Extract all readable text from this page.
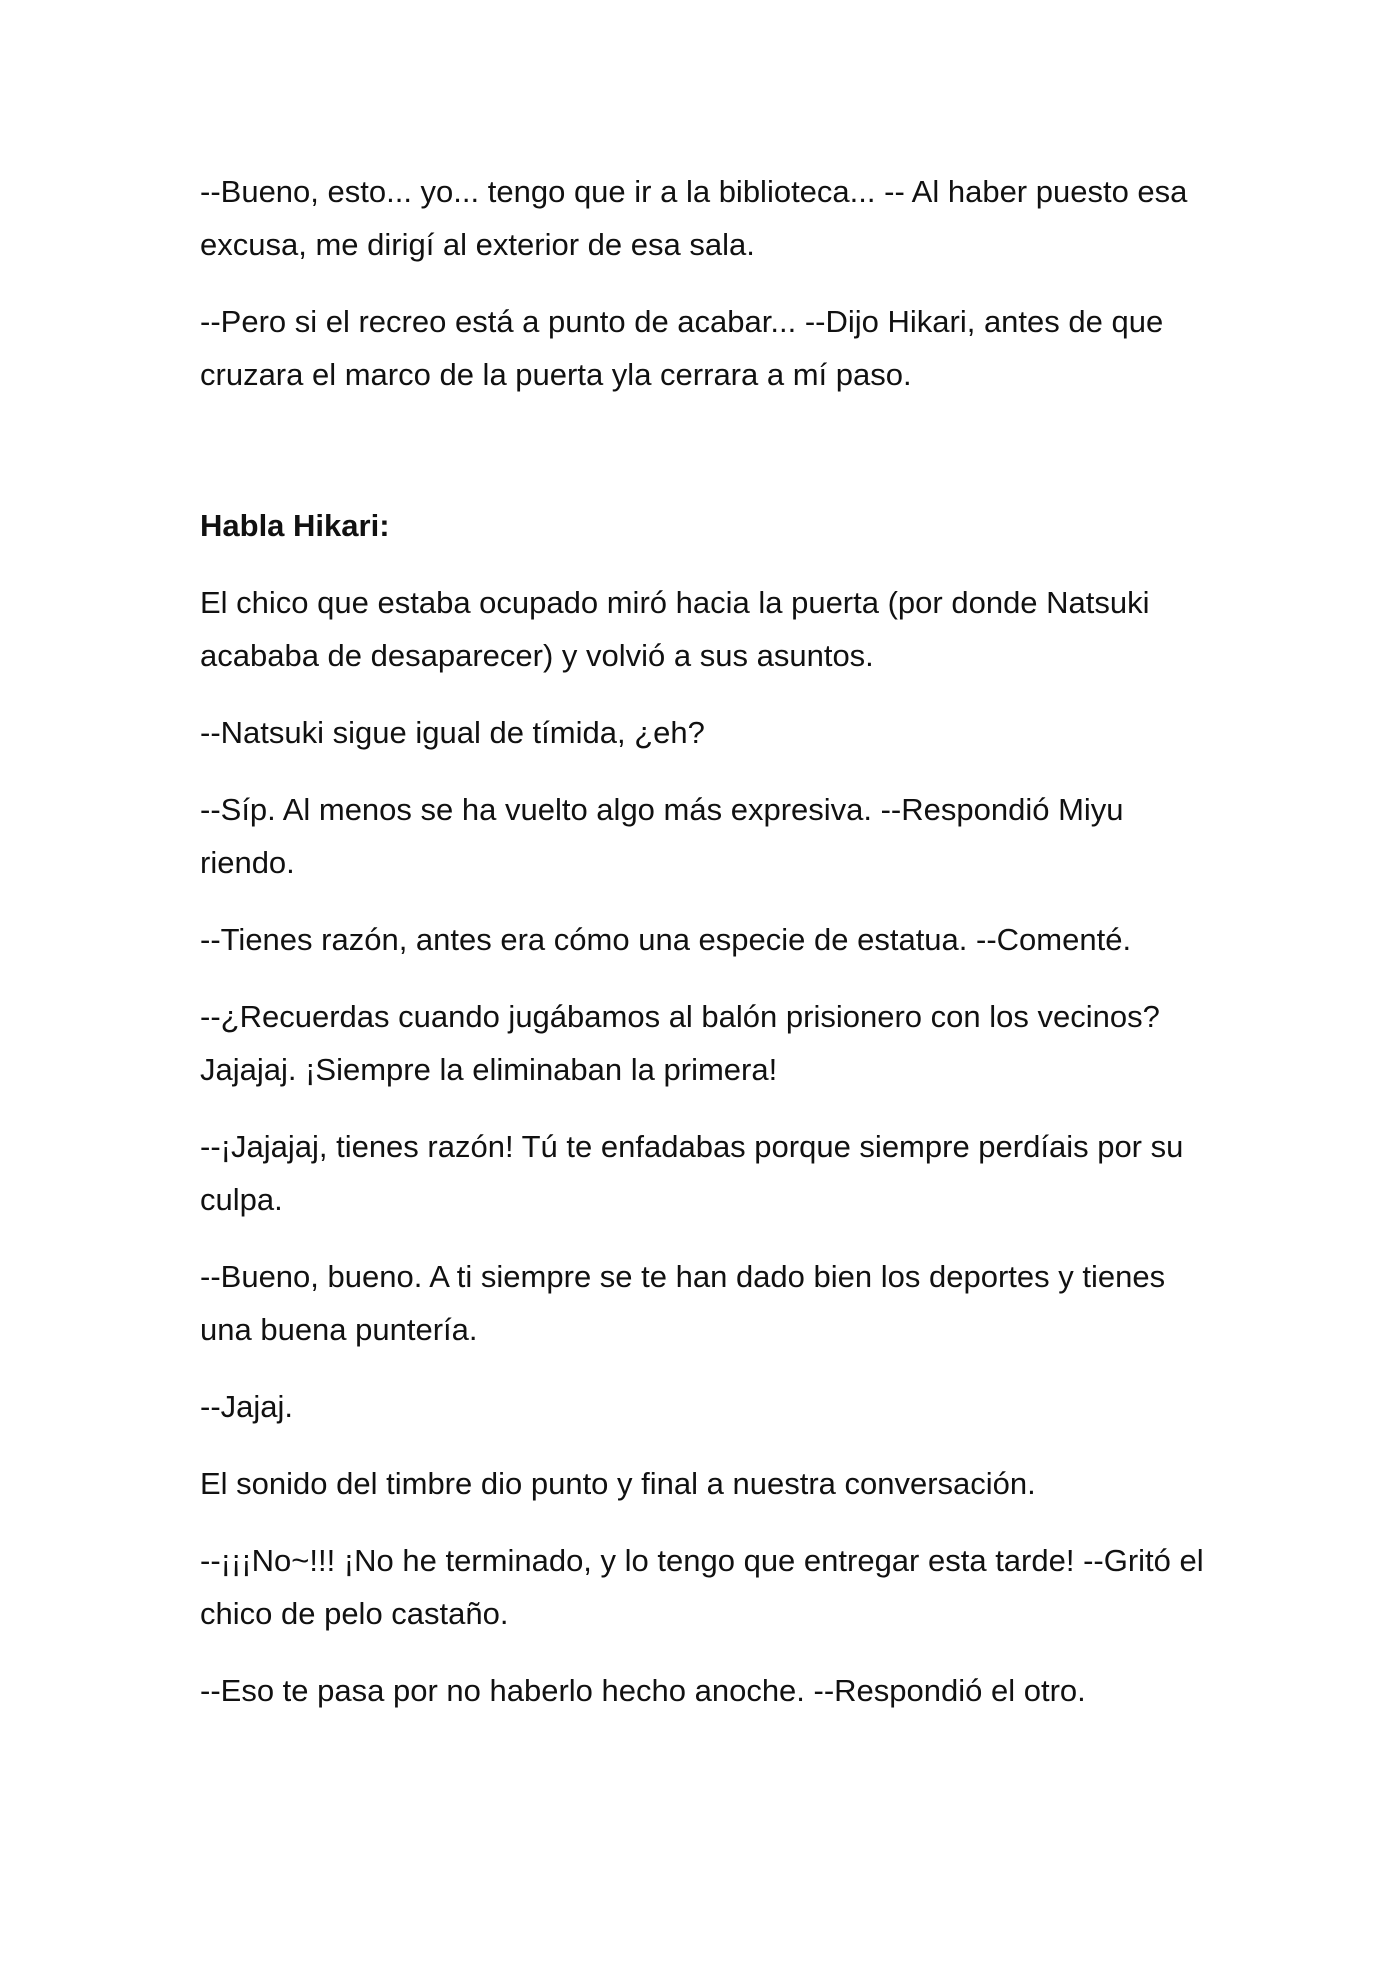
--Bueno, esto... yo... tengo que ir a la biblioteca... -- Al haber puesto esa excusa, me dirigí al exterior de esa sala.

--Pero si el recreo está a punto de acabar... --Dijo Hikari, antes de que cruzara el marco de la puerta yla cerrara a mí paso.

Habla Hikari:

El chico que estaba ocupado miró hacia la puerta (por donde Natsuki acababa de desaparecer) y volvió a sus asuntos.

--Natsuki sigue igual de tímida, ¿eh?

--Síp. Al menos se ha vuelto algo más expresiva. --Respondió Miyu riendo.

--Tienes razón, antes era cómo una especie de estatua. --Comenté.

--¿Recuerdas cuando jugábamos al balón prisionero con los vecinos? Jajajaj. ¡Siempre la eliminaban la primera!

--¡Jajajaj, tienes razón! Tú te enfadabas porque siempre perdíais por su culpa.

--Bueno, bueno. A ti siempre se te han dado bien los deportes y tienes una buena puntería.

--Jajaj.

El sonido del timbre dio punto y final a nuestra conversación.

--¡¡¡No~!!! ¡No he terminado, y lo tengo que entregar esta tarde! --Gritó el chico de pelo castaño.

--Eso te pasa por no haberlo hecho anoche. --Respondió el otro.
